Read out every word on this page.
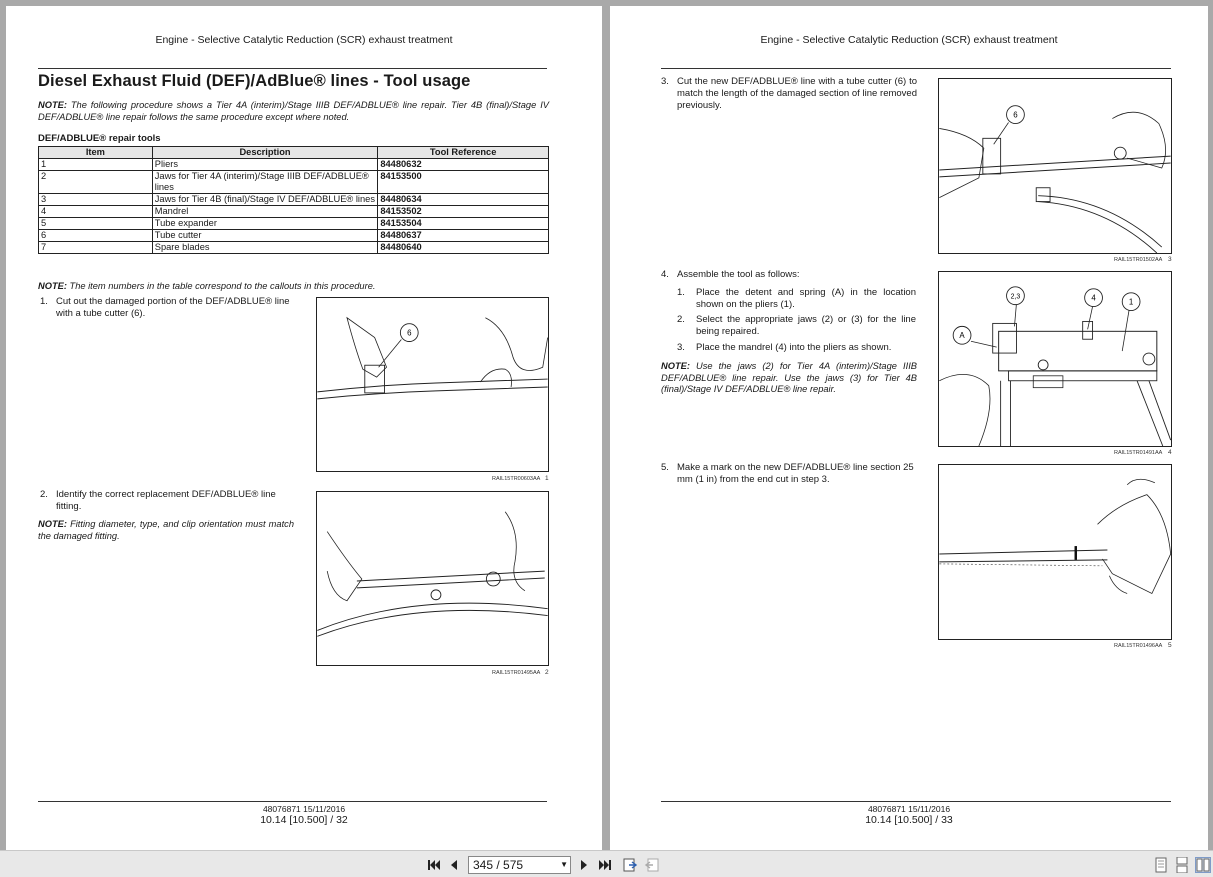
Engine - Selective Catalytic Reduction (SCR) exhaust treatment
Diesel Exhaust Fluid (DEF)/AdBlue® lines - Tool usage
NOTE: The following procedure shows a Tier 4A (interim)/Stage IIIB DEF/ADBLUE® line repair. Tier 4B (final)/Stage IV DEF/ADBLUE® line repair follows the same procedure except where noted.
DEF/ADBLUE® repair tools
Item	Description	Tool Reference
1	Pliers	84480632
2	Jaws for Tier 4A (interim)/Stage IIIB DEF/ADBLUE® lines	84153500
3	Jaws for Tier 4B (final)/Stage IV DEF/ADBLUE® lines	84480634
4	Mandrel	84153502
5	Tube expander	84153504
6	Tube cutter	84480637
7	Spare blades	84480640
NOTE: The item numbers in the table correspond to the callouts in this procedure.
1. Cut out the damaged portion of the DEF/ADBLUE® line with a tube cutter (6).
6
RAIL15TR00603AA 1
2. Identify the correct replacement DEF/ADBLUE® line fitting.
NOTE: Fitting diameter, type, and clip orientation must match the damaged fitting.
RAIL15TR01495AA 2
48076871 15/11/2016
10.14 [10.500] / 32
Engine - Selective Catalytic Reduction (SCR) exhaust treatment
3. Cut the new DEF/ADBLUE® line with a tube cutter (6) to match the length of the damaged section of line removed previously.
6
RAIL15TR01502AA 3
4. Assemble the tool as follows:
1. Place the detent and spring (A) in the location shown on the pliers (1).
2. Select the appropriate jaws (2) or (3) for the line being repaired.
3. Place the mandrel (4) into the pliers as shown.
NOTE: Use the jaws (2) for Tier 4A (interim)/Stage IIIB DEF/ADBLUE® line repair. Use the jaws (3) for Tier 4B (final)/Stage IV DEF/ADBLUE® line repair.
2,3	4	1
A
RAIL15TR01491AA 4
5. Make a mark on the new DEF/ADBLUE® line section 25 mm (1 in) from the end cut in step 3.
RAIL15TR01496AA 5
48076871 15/11/2016
10.14 [10.500] / 33
345 / 575	▼
